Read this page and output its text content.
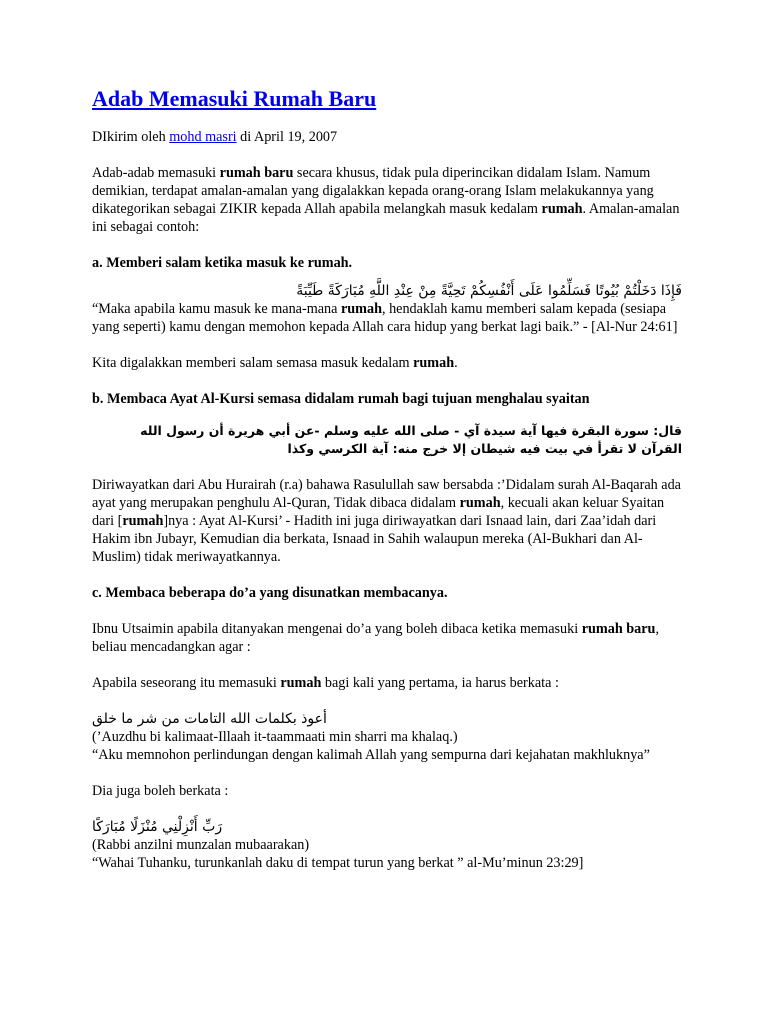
Adab Memasuki Rumah Baru

DIkirim oleh mohd masri di April 19, 2007

Adab-adab memasuki rumah baru secara khusus, tidak pula diperincikan didalam Islam. Namum demikian, terdapat amalan-amalan yang digalakkan kepada orang-orang Islam melakukannya yang dikategorikan sebagai ZIKIR kepada Allah apabila melangkah masuk kedalam rumah. Amalan-amalan ini sebagai contoh:

a. Memberi salam ketika masuk ke rumah.

فَإِذَا دَخَلْتُمْ بُيُوتًا فَسَلِّمُوا عَلَى أَنْفُسِكُمْ تَحِيَّةً مِنْ عِنْدِ اللَّهِ مُبَارَكَةً طَيِّبَةً

“Maka apabila kamu masuk ke mana-mana rumah, hendaklah kamu memberi salam kepada (sesiapa yang seperti) kamu dengan memohon kepada Allah cara hidup yang berkat lagi baik.” - [Al-Nur 24:61]

Kita digalakkan memberi salam semasa masuk kedalam rumah.

b. Membaca Ayat Al-Kursi semasa didalam rumah bagi tujuan menghalau syaitan

قال: سورة البقرة فيها آية سيدة آي - صلى الله عليه وسلم -عن أبي هريرة أن رسول الله

القرآن لا تقرأ في بيت فيه شيطان إلا خرج منه: آية الكرسي وكذا

Diriwayatkan dari Abu Hurairah (r.a) bahawa Rasulullah saw bersabda :’Didalam surah Al-Baqarah ada ayat yang merupakan penghulu Al-Quran, Tidak dibaca didalam rumah, kecuali akan keluar Syaitan dari [rumah]nya : Ayat Al-Kursi’ - Hadith ini juga diriwayatkan dari Isnaad lain, dari Zaa’idah dari Hakim ibn Jubayr, Kemudian dia berkata, Isnaad in Sahih walaupun mereka (Al-Bukhari dan Al-Muslim) tidak meriwayatkannya.

c. Membaca beberapa do’a yang disunatkan membacanya.

Ibnu Utsaimin apabila ditanyakan mengenai do’a yang boleh dibaca ketika memasuki rumah baru, beliau mencadangkan agar :

Apabila seseorang itu memasuki rumah bagi kali yang pertama, ia harus berkata :

أعوذ بكلمات الله التامات من شر ما خلق

(’Auzdhu bi kalimaat-Illaah it-taammaati min sharri ma khalaq.)

“Aku memnohon perlindungan dengan kalimah Allah yang sempurna dari kejahatan makhluknya”

Dia juga boleh berkata :

رَبِّ أَنْزِلْنِي مُنْزَلًا مُبَارَكًا

(Rabbi anzilni munzalan mubaarakan)

“Wahai Tuhanku, turunkanlah daku di tempat turun yang berkat ” al-Mu’minun 23:29]
